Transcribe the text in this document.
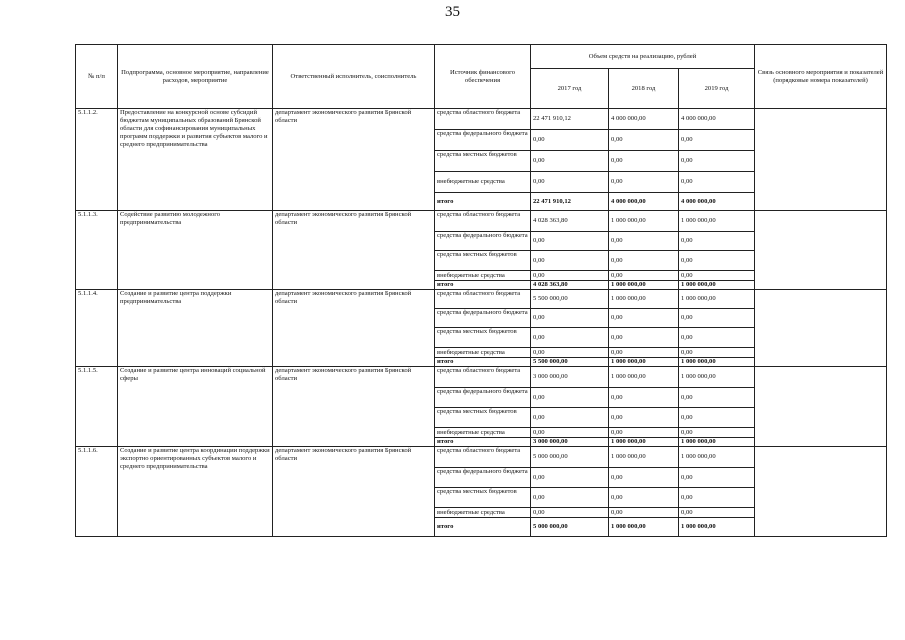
35
№ п/п	Подпрограмма, основное мероприятие, направление расходов, мероприятие	Ответственный исполнитель, соисполнитель	Источник финансового обеспечения	Объем средств на реализацию, рублей			Связь основного мероприятия и показателей (порядковые номера показателей)
				2017 год	2018 год	2019 год	
5.1.1.2.	Предоставление на конкурсной основе субсидий бюджетам муниципальных образований Брянской области для софинансирования муниципальных программ поддержки и развития субъектов малого и среднего предпринимательства	департамент экономического развития Брянской области	средства областного бюджета	22 471 910,12	4 000 000,00	4 000 000,00	
			средства федерального бюджета	0,00	0,00	0,00	
			средства местных бюджетов	0,00	0,00	0,00	
			внебюджетные средства	0,00	0,00	0,00	
			итого	22 471 910,12	4 000 000,00	4 000 000,00	
5.1.1.3.	Содействие развитию молодежного предпринимательства	департамент экономического развития Брянской области	средства областного бюджета	4 028 363,80	1 000 000,00	1 000 000,00	
			средства федерального бюджета	0,00	0,00	0,00	
			средства местных бюджетов	0,00	0,00	0,00	
			внебюджетные средства	0,00	0,00	0,00	
			итого	4 028 363,80	1 000 000,00	1 000 000,00	
5.1.1.4.	Создание и развитие центра поддержки предпринимательства	департамент экономического развития Брянской области	средства областного бюджета	5 500 000,00	1 000 000,00	1 000 000,00	
			средства федерального бюджета	0,00	0,00	0,00	
			средства местных бюджетов	0,00	0,00	0,00	
			внебюджетные средства	0,00	0,00	0,00	
			итого	5 500 000,00	1 000 000,00	1 000 000,00	
5.1.1.5.	Создание и развитие центра инноваций социальной сферы	департамент экономического развития Брянской области	средства областного бюджета	3 000 000,00	1 000 000,00	1 000 000,00	
			средства федерального бюджета	0,00	0,00	0,00	
			средства местных бюджетов	0,00	0,00	0,00	
			внебюджетные средства	0,00	0,00	0,00	
			итого	3 000 000,00	1 000 000,00	1 000 000,00	
5.1.1.6.	Создание и развитие центра координации поддержки экспортно ориентированных субъектов малого и среднего предпринимательства	департамент экономического развития Брянской области	средства областного бюджета	5 000 000,00	1 000 000,00	1 000 000,00	
			средства федерального бюджета	0,00	0,00	0,00	
			средства местных бюджетов	0,00	0,00	0,00	
			внебюджетные средства	0,00	0,00	0,00	
			итого	5 000 000,00	1 000 000,00	1 000 000,00	
